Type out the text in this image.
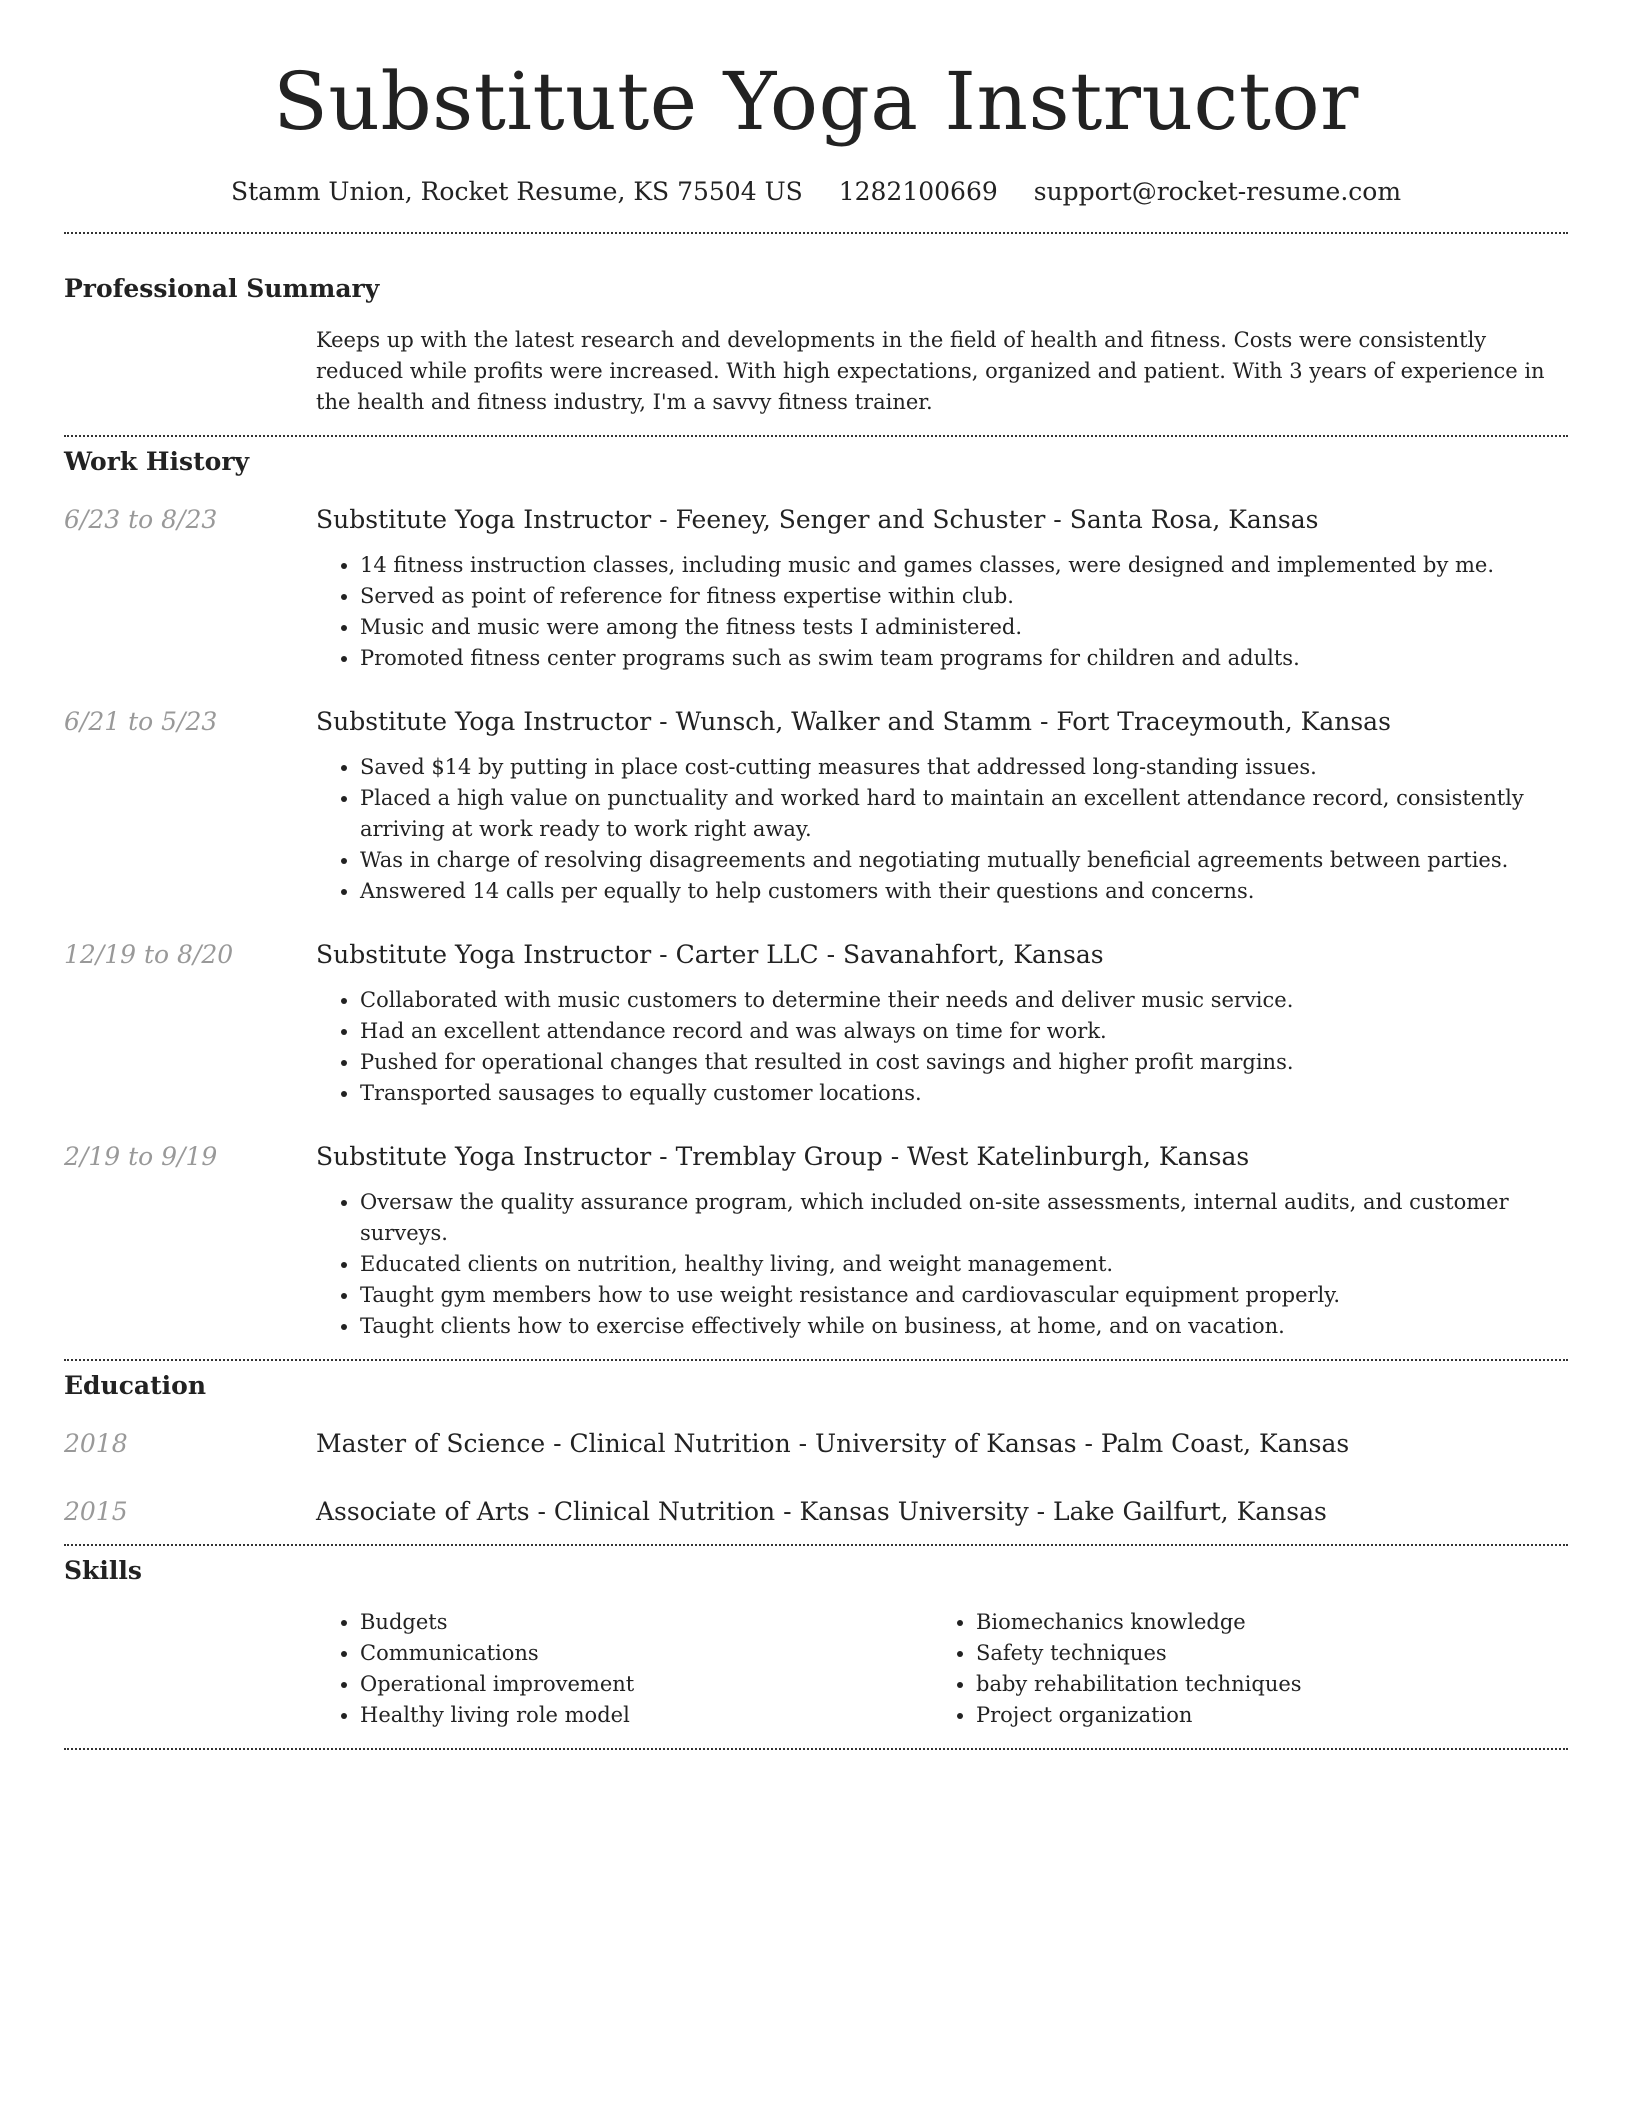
Substitute Yoga Instructor
Stamm Union, Rocket Resume, KS 75504 US 1282100669 support@rocket-resume.com
Professional Summary

Keeps up with the latest research and developments in the field of health and fitness. Costs were consistently reduced while profits were increased. With high expectations, organized and patient. With 3 years of experience in the health and fitness industry, I'm a savvy fitness trainer.

Work History
6/23 to 8/23	Substitute Yoga Instructor - Feeney, Senger and Schuster - Santa Rosa, Kansas
• 14 fitness instruction classes, including music and games classes, were designed and implemented by me.
• Served as point of reference for fitness expertise within club.
• Music and music were among the fitness tests I administered.
• Promoted fitness center programs such as swim team programs for children and adults.
6/21 to 5/23	Substitute Yoga Instructor - Wunsch, Walker and Stamm - Fort Traceymouth, Kansas
• Saved $14 by putting in place cost-cutting measures that addressed long-standing issues.
• Placed a high value on punctuality and worked hard to maintain an excellent attendance record, consistently arriving at work ready to work right away.
• Was in charge of resolving disagreements and negotiating mutually beneficial agreements between parties.
• Answered 14 calls per equally to help customers with their questions and concerns.
12/19 to 8/20	Substitute Yoga Instructor - Carter LLC - Savanahfort, Kansas
• Collaborated with music customers to determine their needs and deliver music service.
• Had an excellent attendance record and was always on time for work.
• Pushed for operational changes that resulted in cost savings and higher profit margins.
• Transported sausages to equally customer locations.
2/19 to 9/19	Substitute Yoga Instructor - Tremblay Group - West Katelinburgh, Kansas
• Oversaw the quality assurance program, which included on-site assessments, internal audits, and customer surveys.
• Educated clients on nutrition, healthy living, and weight management.
• Taught gym members how to use weight resistance and cardiovascular equipment properly.
• Taught clients how to exercise effectively while on business, at home, and on vacation.
Education
2018	Master of Science - Clinical Nutrition - University of Kansas - Palm Coast, Kansas
2015	Associate of Arts - Clinical Nutrition - Kansas University - Lake Gailfurt, Kansas
Skills
• Budgets
• Communications
• Operational improvement
• Healthy living role model
• Biomechanics knowledge
• Safety techniques
• baby rehabilitation techniques
• Project organization
